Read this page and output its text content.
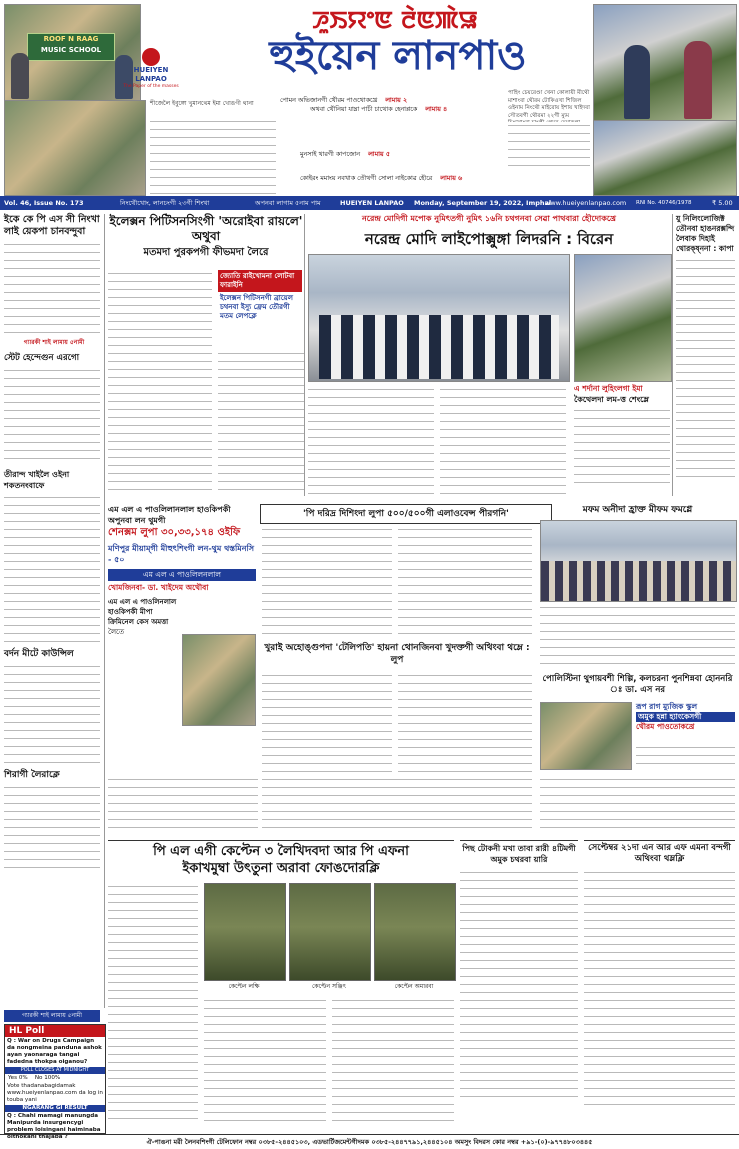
ROOF N RAAG
MUSIC SCHOOL
HUEIYEN LANPAO
The Paper of the masses
ꯍꯨꯏꯌꯦꯟ ꯂꯥꯟꯄꯥꯎ
হুইয়েন লানপাও
শীজেলৈ ইবুঙ্গো খুমানথেম ইমা খোঙগী থানা	পোমন অভিজানগী থৌরম পাওথোকখ্রে লামায় ২
অথবা থৌনিয়া যাম্না পাচী চাথোক হেনাপ্লকে লামায় ৪
পাহিং চেয়রেণ্ডা খেনা কোলায়ী মীথৌ মাশাংবা থৌরম টোকিওখা শিজিল ওইনাম নিংথৌ মাইরোয় ইশায় খাইদবা সৌতবগী থৌরমা ২২গী ম্যুম
মুনসাই থারগী কাপজোন লামায় ৫
কোইরং মমাংয় নবখাক তৌথগী সোলা নাইকোৱ হৌরে লামায় ৬
Vol. 46, Issue No. 173	নিংথৌখোং, লানচংগী ২৩গী শিংখা	অপনবা লাগাম ৫নাম পাম	HUEIYEN LANPAO Monday, September 19, 2022, Imphal
www.hueiyenlanpao.com RNI No. 40746/1978	₹ 5.00
ইকে কে পি এস সী নিংখা লাই য়েকপা চানবন্দুবা
গ্যারকী শাই লামায় ৫নামী
স্টেট হেন্দেগুন এরগো
তীরান্দ খাইলৈ ওইনা শকতনংবাফে
বর্দন মীটে কাউন্সিল
শিরাগী লৈরাক্লে
গ্যারকী শাই লামায় ৫নামী
HL Poll
Q : War on Drugs Campaign da nongmeina panduna ashok ayan yaonaraga tangai fadedna thokpa oiganou?
POLL CLOSES AT MIDNIGHT
Yes 0% No 100%
Vote thadanabagidamak www.hueiyenlanpao.com da log in touba yani
NGARANG GI RESULT
Q : Chahi mamagi manungda Manipurda insurgencygi problem loisingani haiminaba oithokani thajaba ?
ইলেক্সন পিটিসনসিংগী 'অরোইবা রায়লে' অথুবা
মতমদা পুরকপগী ফীভমদা লৈরে
জ্যোতি রাইখোমনা লোটবা ফারাইনি
ইলেক্সন পিটিসনগী ব্রায়েল চথনবা ইস্যু ফ্রেম তৌরগী মতম লেপক্লে
নরেন্দ্র মোদিগী মপোক নুমিৎতগী নুমিৎ ১৬নি চথগনবা সেৱা পাথবারা হৌদোকখ্রে
নরেন্দ্র মোদি লাইপোক্সুঙ্গা লিদরনি : বিরেন
এ শর্দানা লুহিংলগা ইমা
কৈথেলদা লম-ত্ত শেংম্লে
যু নিলিংলোজিক্ট তৌনবা হাঙনরক্সন্দি লৈবাক দিহাই থোরক্ষ্ননা : কাপা
'পি দরিদ্র দিশিংদা লুপা ৫০০/৫০০গী এলাওবেন্স পীরগনি'
এম এল এ পাওলিলানলাল হাওকিপকী অপুনবা লন থুমগী
শেনক্সম লুপা ৩০,৩৩,১৭৪ ওইফি
মণিপুর মীয়াম্গী মীহুৎশিংগী লন-থুম থস্তমিনসি - ৫০
এম এল এ পাওলিলনলাল
খোমজিনবা- ডা. খাইদেম অথৌবা
এম এল এ পাওলিনলাল হাওকিপকী মীপা ক্রিমিনেল কেস অমত্তা
লৈতে
খুরাই অহোঙ্গুপদা 'টেলিপতি' হায়না থোনজিনবা খুদক্তগী অথিংবা থম্লে : লুপ
মফম অনীদা হ্রাক্ত মীফম ফমগ্লে
পোলিস্টিনা থুগায়বশী শিল্পি, কলচরনা পুনশিন্নবা হোননরি ঃ ডা. এস নর
রূপ রাগ ম্যুজিক স্কুল
অমুক হন্না হ্যাংকেসগী
থৌরম পাওতোকখ্রে
পি এল এগী কেপ্টেন ৩ লৈখিদবদা আর পি এফনা
ইকাখমুম্বা উৎতুনা অরাবা ফোঙদোরক্লি
কেপ্টেন লক্ষি	কেপ্টেন সঞ্জিৎ	কেপ্টেন অমারবা
পিছ টোকনী মখা তাবা রারী ৪টিমগী অমুক চথরবা য়ারি
সেপ্টেম্বর ২১দা এন আর এফ এমনা বন্দগী অথিংবা থম্লক্লি
ঐ-পাঙনা মরী লৈনবশিংগী টেলিফোন নম্বর ০৩৮৫-২৪৪৫১০৩, এডভার্টিজমেন্টগীদমক ০৩৮৫-২৪৪৭৭৯১,২৪৪৫১০৪ অমসুং বিদরস কোর নম্বর +৯১-(০)-৯৭৭৪৮০৩৪৪৫
